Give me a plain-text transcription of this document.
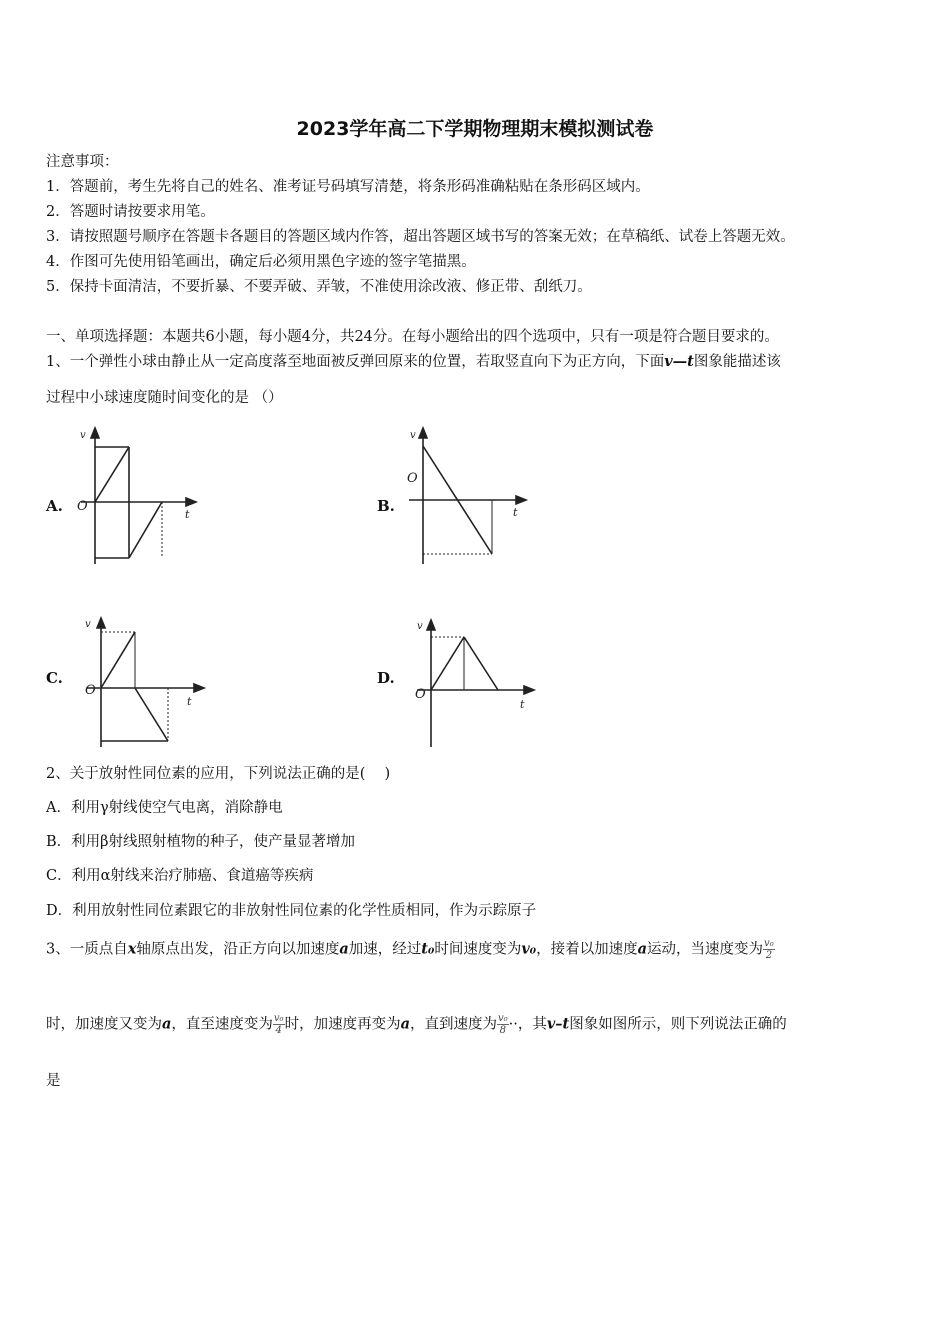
2023学年高二下学期物理期末模拟测试卷
注意事项：
1．答题前，考生先将自己的姓名、准考证号码填写清楚，将条形码准确粘贴在条形码区域内。
2．答题时请按要求用笔。
3．请按照题号顺序在答题卡各题目的答题区域内作答，超出答题区域书写的答案无效；在草稿纸、试卷上答题无效。
4．作图可先使用铅笔画出，确定后必须用黑色字迹的签字笔描黑。
5．保持卡面清洁，不要折暴、不要弄破、弄皱，不准使用涂改液、修正带、刮纸刀。
一、单项选择题：本题共6小题，每小题4分，共24分。在每小题给出的四个选项中，只有一项是符合题目要求的。
1、一个弹性小球由静止从一定高度落至地面被反弹回原来的位置，若取竖直向下为正方向，下面v—t图象能描述该
过程中小球速度随时间变化的是 （）
A. O
v
t	B.
O
v
t
C.
O
v
t
D.
O
v
t
2、关于放射性同位素的应用，下列说法正确的是(　 )
A．利用γ射线使空气电离，消除静电
B．利用β射线照射植物的种子，使产量显著增加
C．利用α射线来治疗肺癌、食道癌等疾病
D．利用放射性同位素跟它的非放射性同位素的化学性质相同，作为示踪原子
3、一质点自x轴原点出发，沿正方向以加速度a加速，经过t₀时间速度变为v₀，接着以加速度a运动，当速度变为 $\frac{\text{v₀}}{2}$
时，加速度又变为a，直至速度变为 $\frac{\text{v₀}}{4}$ 时，加速度再变为a，直到速度为 $\frac{\text{v₀}}{8}$ ··，其v–t图象如图所示，则下列说法正确的
是
